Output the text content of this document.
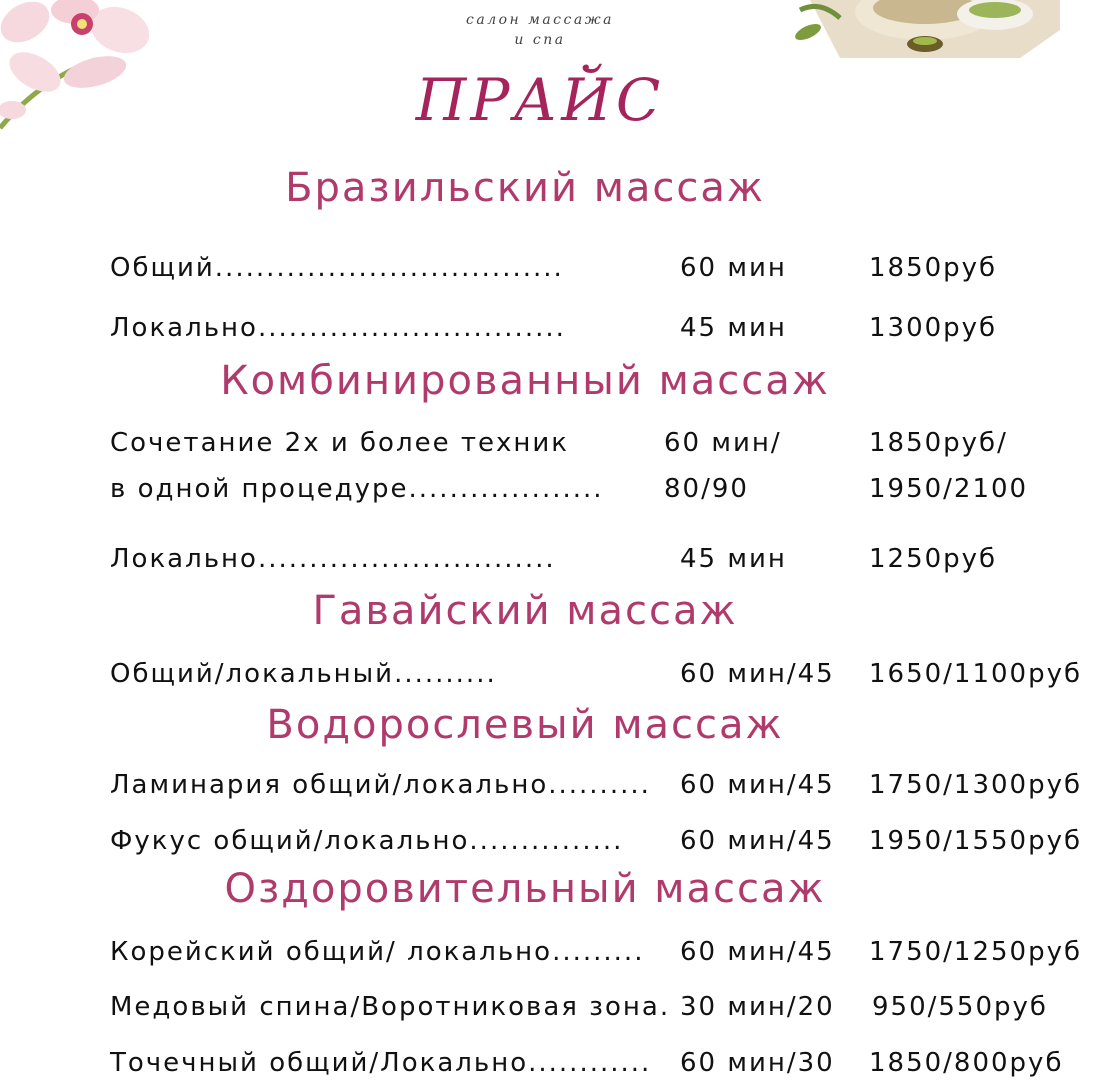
салон массажа
и спа
ПРАЙС
Бразильский массаж
Общий..................................	60 мин	1850руб
Локально..............................	45 мин	1300руб
Комбинированный массаж
Сочетание 2х и более техник	60 мин/	1850руб/
в одной процедуре................... 80/90	1950/2100
Локально.............................	45 мин	1250руб
Гавайский массаж
Общий/локальный..........	60 мин/45 1650/1100руб
Водорослевый массаж
Ламинария общий/локально.......... 60 мин/45 1750/1300руб
Фукус общий/локально............... 60 мин/45 1950/1550руб
Оздоровительный массаж
Корейский общий/ локально......... 60 мин/45 1750/1250руб
Медовый спина/Воротниковая зона. 30 мин/20 950/550руб
Точечный общий/Локально............ 60 мин/30 1850/800руб
